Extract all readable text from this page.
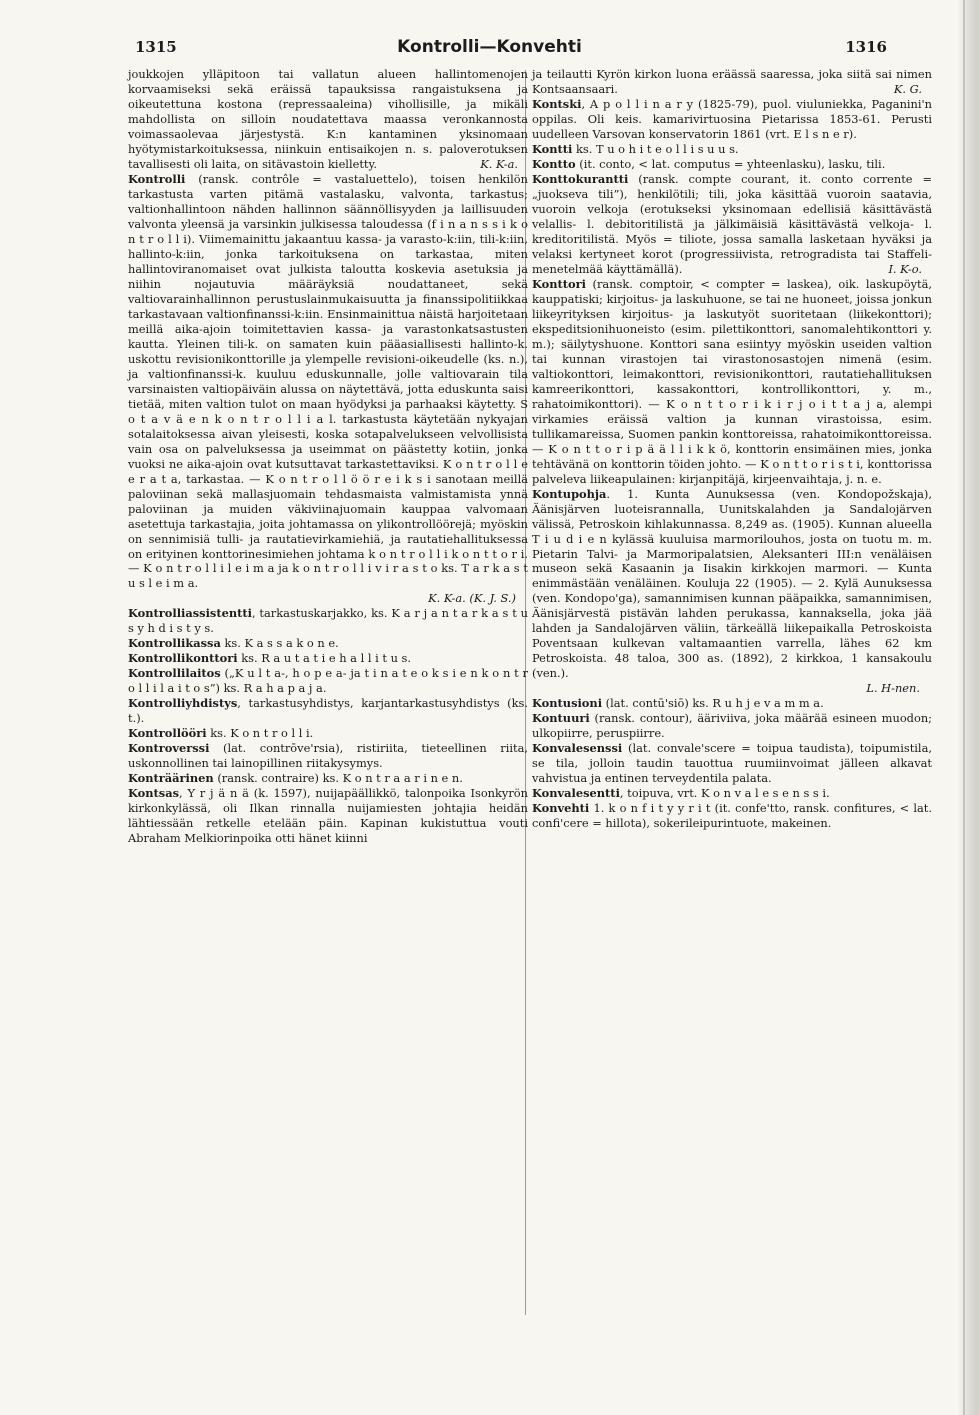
1315	Kontrolli—Konvehti	1316

joukkojen ylläpitoon tai vallatun alueen hallintomenojen korvaamiseksi sekä eräissä tapauksissa rangaistuksena ja oikeutettuna kostona (repressaaleina) vihollisille, ja mikäli mahdollista on silloin noudatettava maassa veronkannosta voimassaolevaa järjestystä. K:n kantaminen yksinomaan hyötymistarkoituksessa, niinkuin entisaikojen n. s. paloverotuksen tavallisesti oli laita, on sitävastoin kielletty.	K. K-a.

Kontrolli (ransk. contrôle = vastaluettelo), toisen henkilön tarkastusta varten pitämä vastalasku, valvonta, tarkastus; valtionhallintoon nähden hallinnon säännöllisyyden ja laillisuuden valvonta yleensä ja varsinkin julkisessa taloudessa (f i n a n s s i k o n t r o l l i). Viimemainittu jakaantuu kassa- ja varasto-k:iin, tili-k:iin, hallinto-k:iin, jonka tarkoituksena on tarkastaa, miten hallintoviranomaiset ovat julkista taloutta koskevia asetuksia ja niihin nojautuvia määräyksiä noudattaneet, sekä valtiovarainhallinnon perustuslainmukaisuutta ja finanssipolitiikkaa tarkastavaan valtionfinanssi-k:iin. Ensinmainittua näistä harjoitetaan meillä aika-ajoin toimitettavien kassa- ja varastonkatsastusten kautta. Yleinen tili-k. on samaten kuin pääasiallisesti hallinto-k. uskottu revisionikonttorille ja ylempelle revisioni-oikeudelle (ks. n.), ja valtionfinanssi-k. kuuluu eduskunnalle, jolle valtiovarain tila varsinaisten valtiopäiväin alussa on näytettävä, jotta eduskunta saisi tietää, miten valtion tulot on maan hyödyksi ja parhaaksi käytetty. S o t a v ä e n k o n t r o l l i a l. tarkastusta käytetään nykyajan sotalaitoksessa aivan yleisesti, koska sotapalvelukseen velvollisista vain osa on palveluksessa ja useimmat on päästetty kotiin, jonka vuoksi ne aika-ajoin ovat kutsuttavat tarkastettaviksi. K o n t r o l l e e r a t a, tarkastaa. — K o n t r o l l ö ö r e i k s i sanotaan meillä paloviinan sekä mallasjuomain tehdasmaista valmistamista ynnä paloviinan ja muiden väkiviinajuomain kauppaa valvomaan asetettuja tarkastajia, joita johtamassa on ylikontrollöörejä; myöskin on sennimisiä tulli- ja rautatievirkamiehiä, ja rautatiehallituksessa on erityinen konttorinesimiehen johtama k o n t r o l l i k o n t t o r i. — K o n t r o l l i l e i m a ja k o n t r o l l i v i r a s t o ks. T a r k a s t u s l e i m a.

K. K-a. (K. J. S.)

Kontrolliassistentti, tarkastuskarjakko, ks. K a r j a n t a r k a s t u s y h d i s t y s.

Kontrollikassa ks. K a s s a k o n e.

Kontrollikonttori ks. R a u t a t i e h a l l i t u s.

Kontrollilaitos („K u l t a-, h o p e a- ja t i n a t e o k s i e n k o n t r o l l i l a i t o s”) ks. R a h a p a j a.

Kontrolliyhdistys, tarkastusyhdistys, karjantarkastusyhdistys (ks. t.).

Kontrollööri ks. K o n t r o l l i.

Kontroverssi (lat. contrōve'rsia), ristiriita, tieteellinen riita, uskonnollinen tai lainopillinen riitakysymys.

Konträärinen (ransk. contraire) ks. K o n t r a a r i n e n.

Kontsas, Y r j ä n ä (k. 1597), nuijapäällikkö, talonpoika Isonkyrön kirkonkylässä, oli Ilkan rinnalla nuijamiesten johtajia heidän lähtiessään retkelle etelään päin. Kapinan kukistuttua vouti Abraham Melkiorinpoika otti hänet kiinni

ja teilautti Kyrön kirkon luona eräässä saaressa, joka siitä sai nimen Kontsaansaari.	K. G.

Kontski, A p o l l i n a r y (1825-79), puol. viuluniekka, Paganini'n oppilas. Oli keis. kamarivirtuosina Pietarissa 1853-61. Perusti uudelleen Varsovan konservatorin 1861 (vrt. E l s n e r).

Kontti ks. T u o h i t e o l l i s u u s.

Kontto (it. conto, < lat. computus = yhteenlasku), lasku, tili.

Konttokurantti (ransk. compte courant, it. conto corrente = „juokseva tili”), henkilötili; tili, joka käsittää vuoroin saatavia, vuoroin velkoja (erotukseksi yksinomaan edellisiä käsittävästä velallis- l. debitoritilistä ja jälkimäisiä käsittävästä velkoja- l. kreditoritilistä. Myös = tiliote, jossa samalla lasketaan hyväksi ja velaksi kertyneet korot (progressiivista, retrogradista tai Staffeli-menetelmää käyttämällä).	I. K-o.

Konttori (ransk. comptoir, < compter = laskea), oik. laskupöytä, kauppatiski; kirjoitus- ja laskuhuone, se tai ne huoneet, joissa jonkun liikeyrityksen kirjoitus- ja laskutyöt suoritetaan (liikekonttori); ekspeditsionihuoneisto (esim. pilettikonttori, sanomalehtikonttori y. m.); säilytyshuone. Konttori sana esiintyy myöskin useiden valtion tai kunnan virastojen tai virastonosastojen nimenä (esim. valtiokonttori, leimakonttori, revisionikonttori, rautatiehallituksen kamreerikonttori, kassakonttori, kontrollikonttori, y. m., rahatoimikonttori). — K o n t t o r i k i r j o i t t a j a, alempi virkamies eräissä valtion ja kunnan virastoissa, esim. tullikamareissa, Suomen pankin konttoreissa, rahatoimikonttoreissa. — K o n t t o r i p ä ä l l i k k ö, konttorin ensimäinen mies, jonka tehtävänä on konttorin töiden johto. — K o n t t o r i s t i, konttorissa palveleva liikeapulainen: kirjanpitäjä, kirjeenvaihtaja, j. n. e.

Kontupohja. 1. Kunta Aunuksessa (ven. Kondopožskaja), Äänisjärven luoteisrannalla, Uunitskalahden ja Sandalojärven välissä, Petroskoin kihlakunnassa. 8,249 as. (1905). Kunnan alueella T i u d i e n kylässä kuuluisa marmorilouhos, josta on tuotu m. m. Pietarin Talvi- ja Marmoripalatsien, Aleksanteri III:n venäläisen museon sekä Kasaanin ja Iisakin kirkkojen marmori. — Kunta enimmästään venäläinen. Kouluja 22 (1905). — 2. Kylä Aunuksessa (ven. Kondopo'ga), samannimisen kunnan pääpaikka, samannimisen, Äänisjärvestä pistävän lahden perukassa, kannaksella, joka jää lahden ja Sandalojärven väliin, tärkeällä liikepaikalla Petroskoista Poventsaan kulkevan valtamaantien varrella, lähes 62 km Petroskoista. 48 taloa, 300 as. (1892), 2 kirkkoa, 1 kansakoulu (ven.).

L. H-nen.

Kontusioni (lat. contū'siō) ks. R u h j e v a m m a.

Kontuuri (ransk. contour), ääriviiva, joka määrää esineen muodon; ulkopiirre, peruspiirre.

Konvalesenssi (lat. convale'scere = toipua taudista), toipumistila, se tila, jolloin taudin tauottua ruumiinvoimat jälleen alkavat vahvistua ja entinen terveydentila palata.

Konvalesentti, toipuva, vrt. K o n v a l e s e n s s i.

Konvehti 1. k o n f i t y y r i t (it. confe'tto, ransk. confitures, < lat. confi'cere = hillota), sokerileipurintuote, makeinen.
